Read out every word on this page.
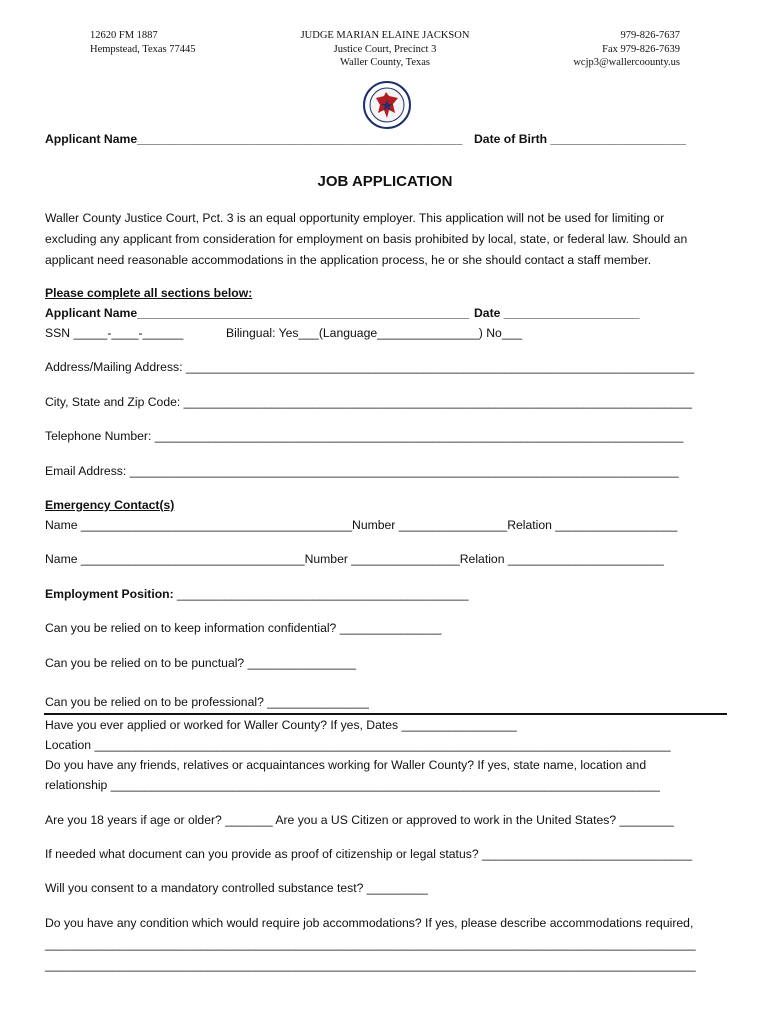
12620 FM 1887
Hempstead, Texas 77445
JUDGE MARIAN ELAINE JACKSON
Justice Court, Precinct 3
Waller County, Texas
979-826-7637
Fax 979-826-7639
wcjp3@wallercoounty.us
Applicant Name________________________________________________ Date of Birth ____________________
JOB APPLICATION
Waller County Justice Court, Pct. 3 is an equal opportunity employer. This application will not be used for limiting or
excluding any applicant from consideration for employment on basis prohibited by local, state, or federal law. Should an
applicant need reasonable accommodations in the application process, he or she should contact a staff member.
Please complete all sections below:
Applicant Name_________________________________________________ Date ____________________
SSN _____-____-______	Bilingual: Yes___(Language_______________) No___
Address/Mailing Address: ___________________________________________________________________________
City, State and Zip Code: ___________________________________________________________________________
Telephone Number: ______________________________________________________________________________
Email Address: _________________________________________________________________________________
Emergency Contact(s)
Name ________________________________________Number ________________Relation __________________
Name _________________________________Number ________________Relation _______________________
Employment Position: ___________________________________________
Can you be relied on to keep information confidential? _______________
Can you be relied on to be punctual? ________________
Can you be relied on to be professional? _______________
Have you ever applied or worked for Waller County? If yes, Dates _________________
Location _____________________________________________________________________________________
Do you have any friends, relatives or acquaintances working for Waller County? If yes, state name, location and
relationship _________________________________________________________________________________
Are you 18 years if age or older? _______ Are you a US Citizen or approved to work in the United States? ________
If needed what document can you provide as proof of citizenship or legal status? _______________________________
Will you consent to a mandatory controlled substance test? _________
Do you have any condition which would require job accommodations? If yes, please describe accommodations required,
________________________________________________________________________________________________
________________________________________________________________________________________________
